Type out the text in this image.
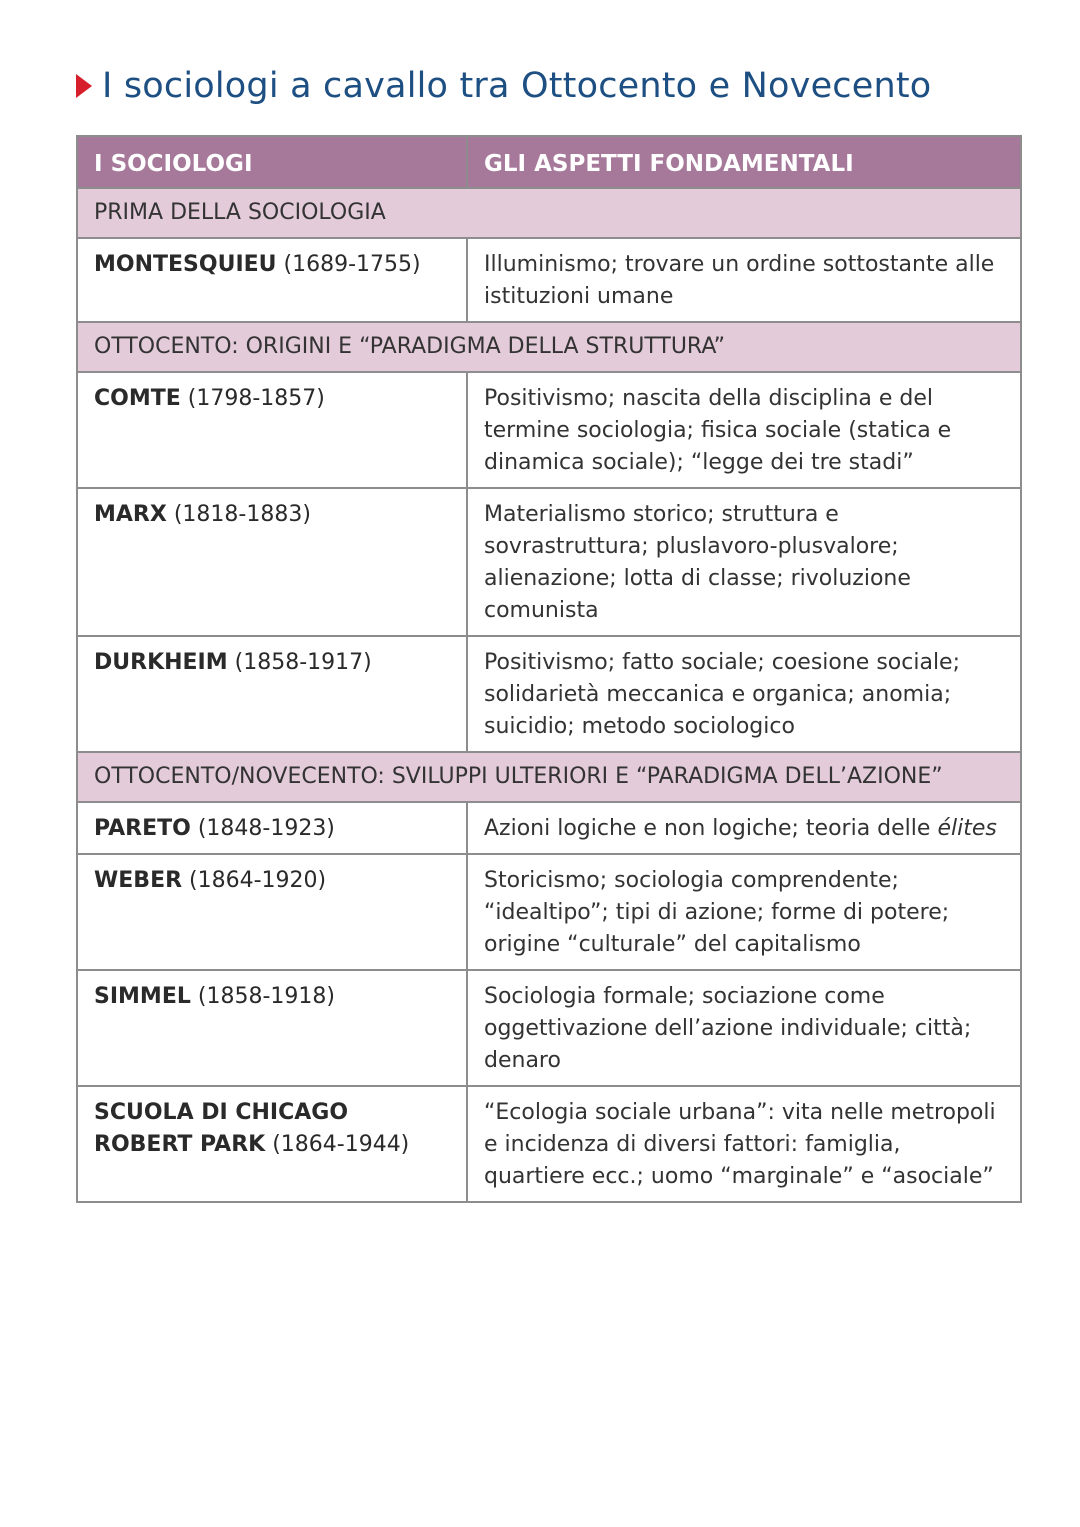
I sociologi a cavallo tra Ottocento e Novecento
I SOCIOLOGI	GLI ASPETTI FONDAMENTALI
PRIMA DELLA SOCIOLOGIA	
MONTESQUIEU (1689-1755)	Illuminismo; trovare un ordine sottostante alle istituzioni umane
OTTOCENTO: ORIGINI E “PARADIGMA DELLA STRUTTURA”	
COMTE (1798-1857)	Positivismo; nascita della disciplina e del termine sociologia; fisica sociale (statica e dinamica sociale); “legge dei tre stadi”
MARX (1818-1883)	Materialismo storico; struttura e sovrastruttura; pluslavoro-plusvalore; alienazione; lotta di classe; rivoluzione comunista
DURKHEIM (1858-1917)	Positivismo; fatto sociale; coesione sociale; solidarietà meccanica e organica; anomia; suicidio; metodo sociologico
OTTOCENTO/NOVECENTO: SVILUPPI ULTERIORI E “PARADIGMA DELL’AZIONE”	
PARETO (1848-1923)	Azioni logiche e non logiche; teoria delle élites
WEBER (1864-1920)	Storicismo; sociologia comprendente; “idealtipo”; tipi di azione; forme di potere; origine “culturale” del capitalismo
SIMMEL (1858-1918)	Sociologia formale; sociazione come oggettivazione dell’azione individuale; città; denaro
SCUOLA DI CHICAGO
ROBERT PARK (1864-1944)	“Ecologia sociale urbana”: vita nelle metropoli e incidenza di diversi fattori: famiglia, quartiere ecc.; uomo “marginale” e “asociale”
